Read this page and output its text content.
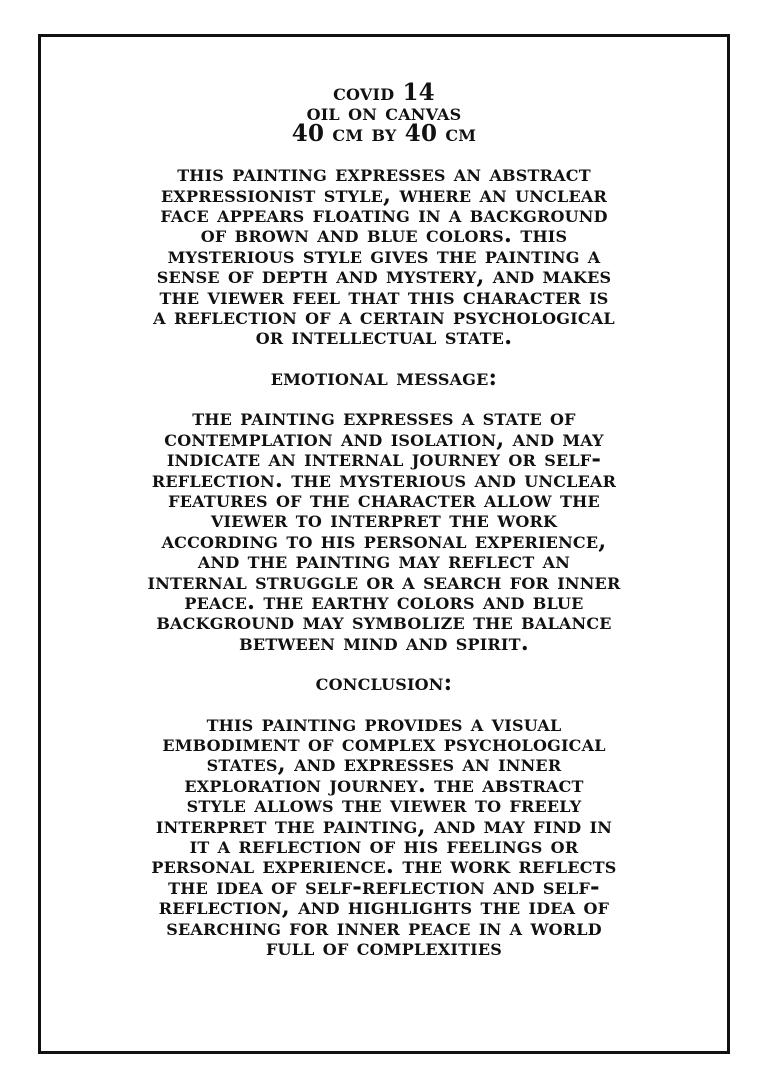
covid 14
oil on canvas
40 cm by 40 cm
this painting expresses an abstract
expressionist style, where an unclear
face appears floating in a background
of brown and blue colors. this
mysterious style gives the painting a
sense of depth and mystery, and makes
the viewer feel that this character is
a reflection of a certain psychological
or intellectual state.
emotional message:
the painting expresses a state of
contemplation and isolation, and may
indicate an internal journey or self-
reflection. the mysterious and unclear
features of the character allow the
viewer to interpret the work
according to his personal experience,
and the painting may reflect an
internal struggle or a search for inner
peace. the earthy colors and blue
background may symbolize the balance
between mind and spirit.
conclusion:
this painting provides a visual
embodiment of complex psychological
states, and expresses an inner
exploration journey. the abstract
style allows the viewer to freely
interpret the painting, and may find in
it a reflection of his feelings or
personal experience. the work reflects
the idea of self-reflection and self-
reflection, and highlights the idea of
searching for inner peace in a world
full of complexities
